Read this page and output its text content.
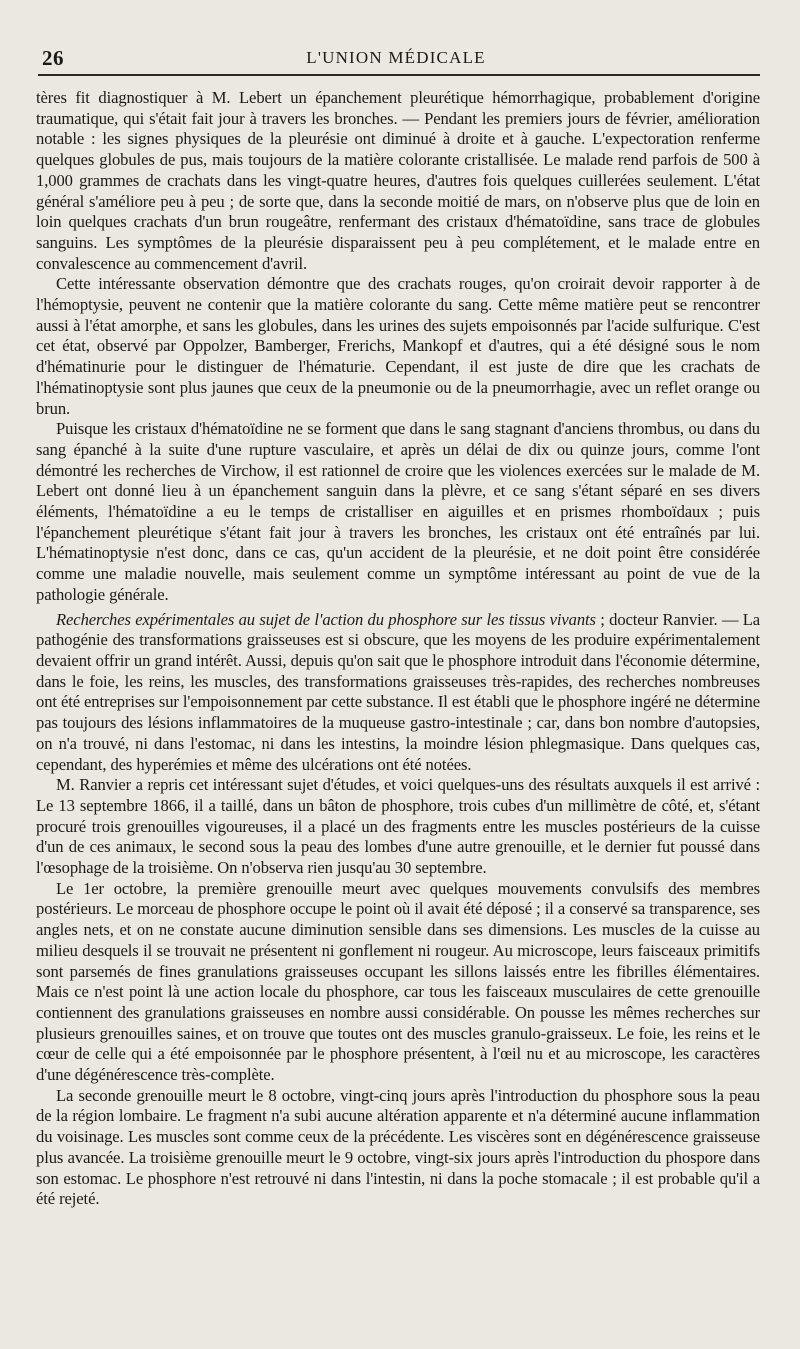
26	L'UNION MÉDICALE

tères fit diagnostiquer à M. Lebert un épanchement pleurétique hémorrhagique, probablement d'origine traumatique, qui s'était fait jour à travers les bronches. — Pendant les premiers jours de février, amélioration notable : les signes physiques de la pleurésie ont diminué à droite et à gauche. L'expectoration renferme quelques globules de pus, mais toujours de la matière colorante cristallisée. Le malade rend parfois de 500 à 1,000 grammes de crachats dans les vingt-quatre heures, d'autres fois quelques cuillerées seulement. L'état général s'améliore peu à peu ; de sorte que, dans la seconde moitié de mars, on n'observe plus que de loin en loin quelques crachats d'un brun rougeâtre, renfermant des cristaux d'hématoïdine, sans trace de globules sanguins. Les symptômes de la pleurésie disparaissent peu à peu complétement, et le malade entre en convalescence au commencement d'avril.

Cette intéressante observation démontre que des crachats rouges, qu'on croirait devoir rapporter à de l'hémoptysie, peuvent ne contenir que la matière colorante du sang. Cette même matière peut se rencontrer aussi à l'état amorphe, et sans les globules, dans les urines des sujets empoisonnés par l'acide sulfurique. C'est cet état, observé par Oppolzer, Bamberger, Frerichs, Mankopf et d'autres, qui a été désigné sous le nom d'hématinurie pour le distinguer de l'hématurie. Cependant, il est juste de dire que les crachats de l'hématinoptysie sont plus jaunes que ceux de la pneumonie ou de la pneumorrhagie, avec un reflet orange ou brun.

Puisque les cristaux d'hématoïdine ne se forment que dans le sang stagnant d'anciens thrombus, ou dans du sang épanché à la suite d'une rupture vasculaire, et après un délai de dix ou quinze jours, comme l'ont démontré les recherches de Virchow, il est rationnel de croire que les violences exercées sur le malade de M. Lebert ont donné lieu à un épanchement sanguin dans la plèvre, et ce sang s'étant séparé en ses divers éléments, l'hématoïdine a eu le temps de cristalliser en aiguilles et en prismes rhomboïdaux ; puis l'épanchement pleurétique s'étant fait jour à travers les bronches, les cristaux ont été entraînés par lui. L'hématinoptysie n'est donc, dans ce cas, qu'un accident de la pleurésie, et ne doit point être considérée comme une maladie nouvelle, mais seulement comme un symptôme intéressant au point de vue de la pathologie générale.

Recherches expérimentales au sujet de l'action du phosphore sur les tissus vivants ; docteur Ranvier. — La pathogénie des transformations graisseuses est si obscure, que les moyens de les produire expérimentalement devaient offrir un grand intérêt. Aussi, depuis qu'on sait que le phosphore introduit dans l'économie détermine, dans le foie, les reins, les muscles, des transformations graisseuses très-rapides, des recherches nombreuses ont été entreprises sur l'empoisonnement par cette substance. Il est établi que le phosphore ingéré ne détermine pas toujours des lésions inflammatoires de la muqueuse gastro-intestinale ; car, dans bon nombre d'autopsies, on n'a trouvé, ni dans l'estomac, ni dans les intestins, la moindre lésion phlegmasique. Dans quelques cas, cependant, des hyperémies et même des ulcérations ont été notées.

M. Ranvier a repris cet intéressant sujet d'études, et voici quelques-uns des résultats auxquels il est arrivé : Le 13 septembre 1866, il a taillé, dans un bâton de phosphore, trois cubes d'un millimètre de côté, et, s'étant procuré trois grenouilles vigoureuses, il a placé un des fragments entre les muscles postérieurs de la cuisse d'un de ces animaux, le second sous la peau des lombes d'une autre grenouille, et le dernier fut poussé dans l'œsophage de la troisième. On n'observa rien jusqu'au 30 septembre.

Le 1er octobre, la première grenouille meurt avec quelques mouvements convulsifs des membres postérieurs. Le morceau de phosphore occupe le point où il avait été déposé ; il a conservé sa transparence, ses angles nets, et on ne constate aucune diminution sensible dans ses dimensions. Les muscles de la cuisse au milieu desquels il se trouvait ne présentent ni gonflement ni rougeur. Au microscope, leurs faisceaux primitifs sont parsemés de fines granulations graisseuses occupant les sillons laissés entre les fibrilles élémentaires. Mais ce n'est point là une action locale du phosphore, car tous les faisceaux musculaires de cette grenouille contiennent des granulations graisseuses en nombre aussi considérable. On pousse les mêmes recherches sur plusieurs grenouilles saines, et on trouve que toutes ont des muscles granulo-graisseux. Le foie, les reins et le cœur de celle qui a été empoisonnée par le phosphore présentent, à l'œil nu et au microscope, les caractères d'une dégénérescence très-complète.

La seconde grenouille meurt le 8 octobre, vingt-cinq jours après l'introduction du phosphore sous la peau de la région lombaire. Le fragment n'a subi aucune altération apparente et n'a déterminé aucune inflammation du voisinage. Les muscles sont comme ceux de la précédente. Les viscères sont en dégénérescence graisseuse plus avancée. La troisième grenouille meurt le 9 octobre, vingt-six jours après l'introduction du phospore dans son estomac. Le phosphore n'est retrouvé ni dans l'intestin, ni dans la poche stomacale ; il est probable qu'il a été rejeté.
